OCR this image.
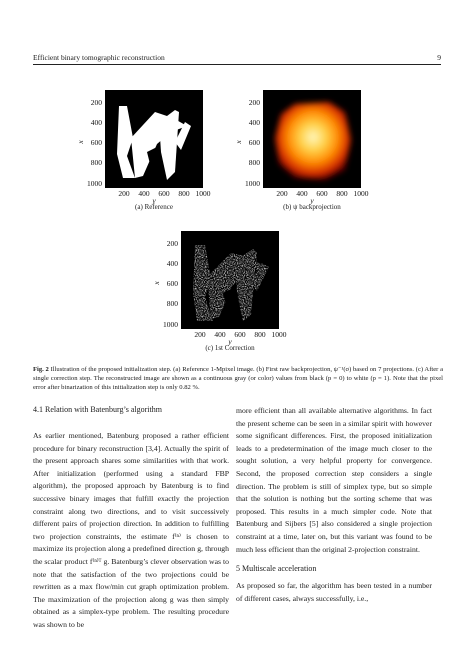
Efficient binary tomographic reconstruction	9
200
400
600
800
1000
200 400 600 800 1000
y
x
(a) Reference
200
400
600
800
1000
200 400 600 800 1000
y
x
(b) ψ backprojection
200
400
600
800
1000
200 400 600 800 1000
y
x
(c) 1st Correction
Fig. 2 Illustration of the proposed initialization step. (a) Reference 1-Mpixel image. (b) First raw backprojection, ψ⁻¹(σ) based on 7 projections. (c) After a single correction step. The reconstructed image are shown as a continuous gray (or color) values from black (p = 0) to white (p = 1). Note that the pixel error after binarization of this initialization step is only 0.82 %.
4.1 Relation with Batenburg’s algorithm
As earlier mentioned, Batenburg proposed a rather efficient procedure for binary reconstruction [3,4]. Actually the spirit of the present approach shares some similarities with that work. After initialization (performed using a standard FBP algorithm), the proposed approach by Batenburg is to find successive binary images that fulfill exactly the projection constraint along two directions, and to visit successively different pairs of projection direction. In addition to fulfilling two projection constraints, the estimate f⁽ⁿ⁾ is chosen to maximize its projection along a predefined direction g, through the scalar product f⁽ⁿ⁾ᵀ g. Batenburg’s clever observation was to note that the satisfaction of the two projections could be rewritten as a max flow/min cut graph optimization problem. The maximization of the projection along g was then simply obtained as a simplex-type problem. The resulting procedure was shown to be
more efficient than all available alternative algorithms. In fact the present scheme can be seen in a similar spirit with however some significant differences. First, the proposed initialization leads to a predetermination of the image much closer to the sought solution, a very helpful property for convergence. Second, the proposed correction step considers a single direction. The problem is still of simplex type, but so simple that the solution is nothing but the sorting scheme that was proposed. This results in a much simpler code. Note that Batenburg and Sijbers [5] also considered a single projection constraint at a time, later on, but this variant was found to be much less efficient than the original 2-projection constraint.
5 Multiscale acceleration
As proposed so far, the algorithm has been tested in a number of different cases, always successfully, i.e.,
